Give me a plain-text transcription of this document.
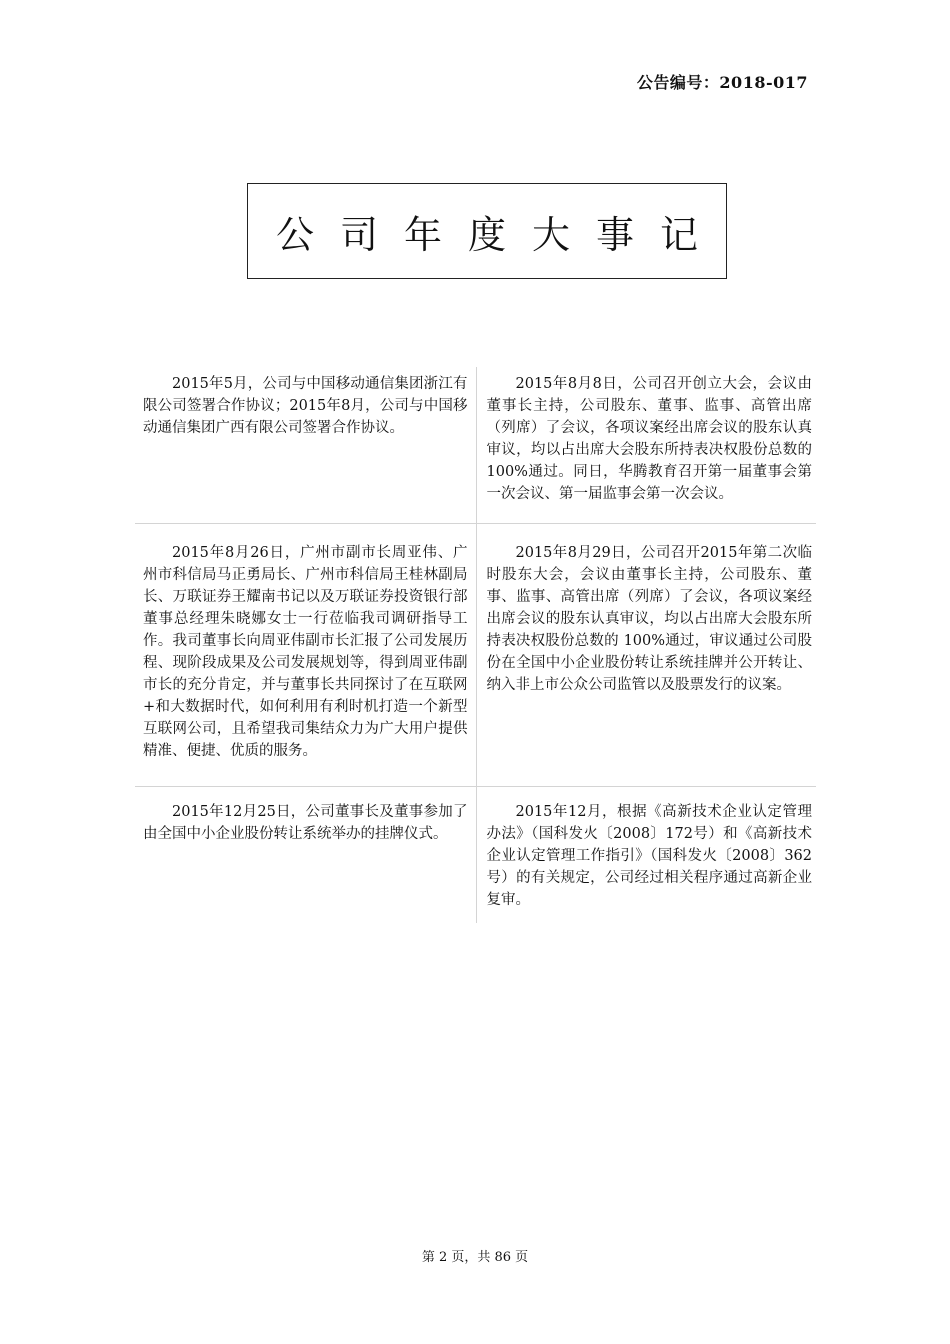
公告编号：2018-017
公司年度大事记
2015年5月，公司与中国移动通信集团浙江有限公司签署合作协议；2015年8月，公司与中国移动通信集团广西有限公司签署合作协议。
2015年8月8日，公司召开创立大会，会议由董事长主持，公司股东、董事、监事、高管出席（列席）了会议，各项议案经出席会议的股东认真审议，均以占出席大会股东所持表决权股份总数的 100%通过。同日，华腾教育召开第一届董事会第一次会议、第一届监事会第一次会议。
2015年8月26日，广州市副市长周亚伟、广州市科信局马正勇局长、广州市科信局王桂林副局长、万联证券王耀南书记以及万联证券投资银行部董事总经理朱晓娜女士一行莅临我司调研指导工作。我司董事长向周亚伟副市长汇报了公司发展历程、现阶段成果及公司发展规划等，得到周亚伟副市长的充分肯定，并与董事长共同探讨了在互联网+和大数据时代，如何利用有利时机打造一个新型互联网公司，且希望我司集结众力为广大用户提供精准、便捷、优质的服务。
2015年8月29日，公司召开2015年第二次临时股东大会，会议由董事长主持，公司股东、董事、监事、高管出席（列席）了会议，各项议案经出席会议的股东认真审议，均以占出席大会股东所持表决权股份总数的 100%通过，审议通过公司股份在全国中小企业股份转让系统挂牌并公开转让、纳入非上市公众公司监管以及股票发行的议案。
2015年12月25日，公司董事长及董事参加了由全国中小企业股份转让系统举办的挂牌仪式。
2015年12月，根据《高新技术企业认定管理办法》（国科发火〔2008〕172号）和《高新技术企业认定管理工作指引》（国科发火〔2008〕362号）的有关规定，公司经过相关程序通过高新企业复审。
第 2 页，共 86 页
